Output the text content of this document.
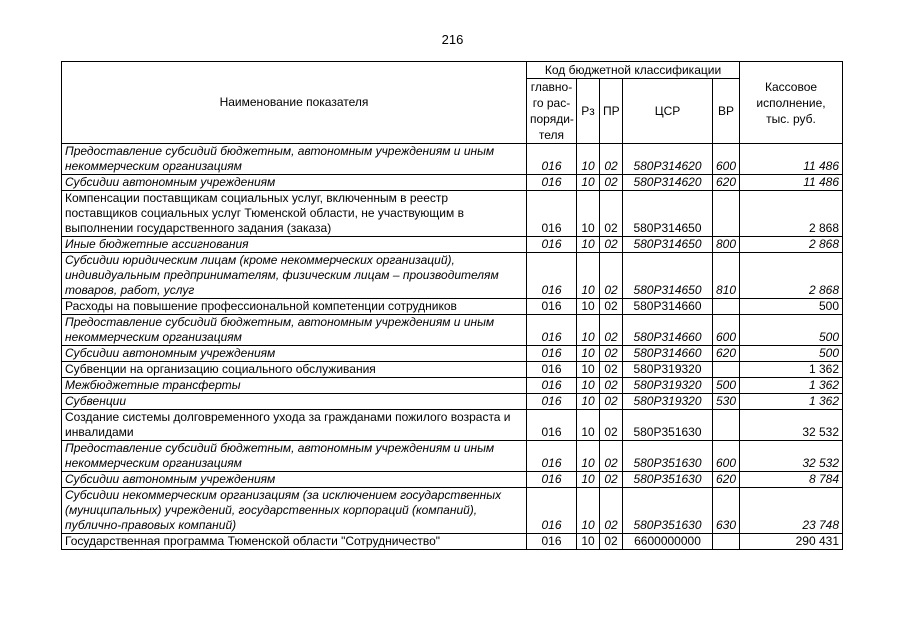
216
Наименование показателя	Код бюджетной классификации					Кассовое исполнение, тыс. руб.
	главно-го рас-поряди-теля	Рз	ПР	ЦСР	ВР	
Предоставление субсидий бюджетным, автономным учреждениям и иным некоммерческим организациям	016	10	02	580P314620	600	11 486
Субсидии автономным учреждениям	016	10	02	580P314620	620	11 486
Компенсации поставщикам социальных услуг, включенным в реестр поставщиков социальных услуг Тюменской области, не участвующим в выполнении государственного задания (заказа)	016	10	02	580P314650		2 868
Иные бюджетные ассигнования	016	10	02	580P314650	800	2 868
Субсидии юридическим лицам (кроме некоммерческих организаций), индивидуальным предпринимателям, физическим лицам – производителям товаров, работ, услуг	016	10	02	580P314650	810	2 868
Расходы на повышение профессиональной компетенции сотрудников	016	10	02	580P314660		500
Предоставление субсидий бюджетным, автономным учреждениям и иным некоммерческим организациям	016	10	02	580P314660	600	500
Субсидии автономным учреждениям	016	10	02	580P314660	620	500
Субвенции на организацию социального обслуживания	016	10	02	580P319320		1 362
Межбюджетные трансферты	016	10	02	580P319320	500	1 362
Субвенции	016	10	02	580P319320	530	1 362
Создание системы долговременного ухода за гражданами пожилого возраста и инвалидами	016	10	02	580P351630		32 532
Предоставление субсидий бюджетным, автономным учреждениям и иным некоммерческим организациям	016	10	02	580P351630	600	32 532
Субсидии автономным учреждениям	016	10	02	580P351630	620	8 784
Субсидии некоммерческим организациям (за исключением государственных (муниципальных) учреждений, государственных корпораций (компаний), публично-правовых компаний)	016	10	02	580P351630	630	23 748
Государственная программа Тюменской области "Сотрудничество"	016	10	02	6600000000		290 431
